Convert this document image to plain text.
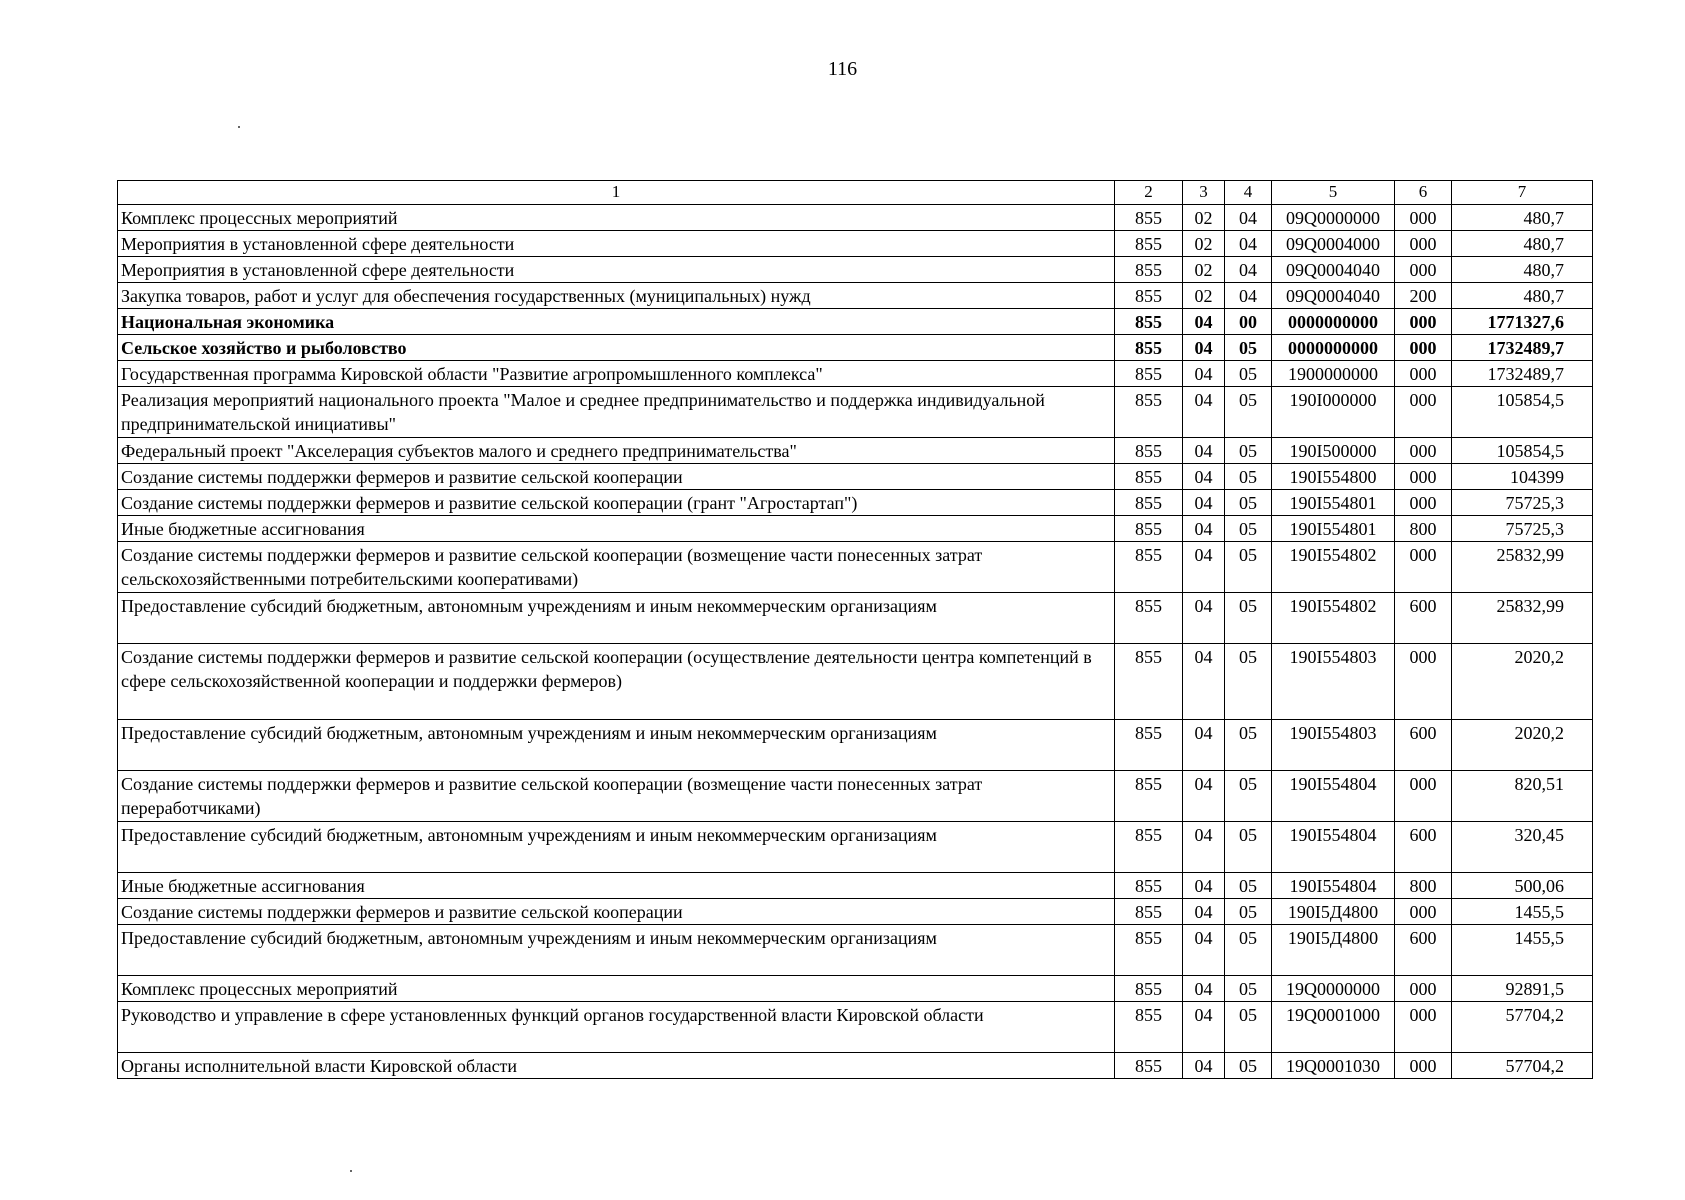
116
1	2	3	4	5	6	7
Комплекс процессных мероприятий	855	02	04	09Q0000000	000	480,7
Мероприятия в установленной сфере деятельности	855	02	04	09Q0004000	000	480,7
Мероприятия в установленной сфере деятельности	855	02	04	09Q0004040	000	480,7
Закупка товаров, работ и услуг для обеспечения государственных (муниципальных) нужд	855	02	04	09Q0004040	200	480,7
Национальная экономика	855	04	00	0000000000	000	1771327,6
Сельское хозяйство и рыболовство	855	04	05	0000000000	000	1732489,7
Государственная программа Кировской области "Развитие агропромышленного комплекса"	855	04	05	1900000000	000	1732489,7
Реализация мероприятий национального проекта "Малое и среднее предпринимательство и поддержка индивидуальной предпринимательской инициативы"	855	04	05	190I000000	000	105854,5
Федеральный проект "Акселерация субъектов малого и среднего предпринимательства"	855	04	05	190I500000	000	105854,5
Создание системы поддержки фермеров и развитие сельской кооперации	855	04	05	190I554800	000	104399
Создание системы поддержки фермеров и развитие сельской кооперации (грант "Агростартап")	855	04	05	190I554801	000	75725,3
Иные бюджетные ассигнования	855	04	05	190I554801	800	75725,3
Создание системы поддержки фермеров и развитие сельской кооперации (возмещение части понесенных затрат сельскохозяйственными потребительскими кооперативами)	855	04	05	190I554802	000	25832,99
Предоставление субсидий бюджетным, автономным учреждениям и иным некоммерческим организациям	855	04	05	190I554802	600	25832,99
Создание системы поддержки фермеров и развитие сельской кооперации (осуществление деятельности центра компетенций в сфере сельскохозяйственной кооперации и поддержки фермеров)	855	04	05	190I554803	000	2020,2
Предоставление субсидий бюджетным, автономным учреждениям и иным некоммерческим организациям	855	04	05	190I554803	600	2020,2
Создание системы поддержки фермеров и развитие сельской кооперации (возмещение части понесенных затрат переработчиками)	855	04	05	190I554804	000	820,51
Предоставление субсидий бюджетным, автономным учреждениям и иным некоммерческим организациям	855	04	05	190I554804	600	320,45
Иные бюджетные ассигнования	855	04	05	190I554804	800	500,06
Создание системы поддержки фермеров и развитие сельской кооперации	855	04	05	190I5Д4800	000	1455,5
Предоставление субсидий бюджетным, автономным учреждениям и иным некоммерческим организациям	855	04	05	190I5Д4800	600	1455,5
Комплекс процессных мероприятий	855	04	05	19Q0000000	000	92891,5
Руководство и управление в сфере установленных функций органов государственной власти Кировской области	855	04	05	19Q0001000	000	57704,2
Органы исполнительной власти Кировской области	855	04	05	19Q0001030	000	57704,2
